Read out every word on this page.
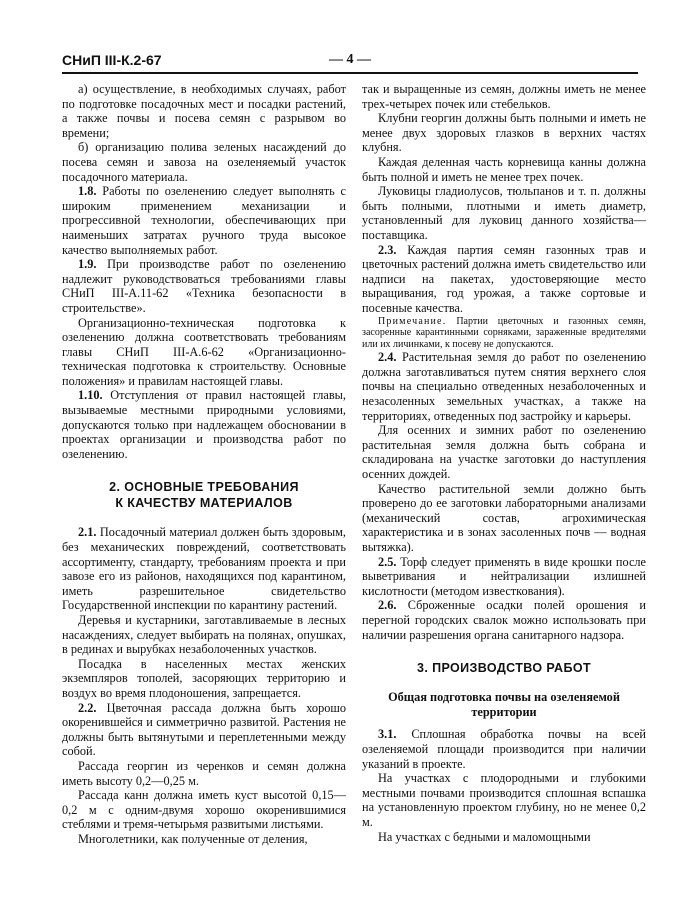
СНиП III-К.2-67	— 4 —

а) осуществление, в необходимых случаях, работ по подготовке посадочных мест и посадки растений, а также почвы и посева семян с разрывом во времени;

б) организацию полива зеленых насаждений до посева семян и завоза на озеленяемый участок посадочного материала.

1.8. Работы по озеленению следует выполнять с широким применением механизации и прогрессивной технологии, обеспечивающих при наименьших затратах ручного труда высокое качество выполняемых работ.

1.9. При производстве работ по озеленению надлежит руководствоваться требованиями главы СНиП III-А.11-62 «Техника безопасности в строительстве».

Организационно-техническая подготовка к озеленению должна соответствовать требованиям главы СНиП III-А.6-62 «Организационно-техническая подготовка к строительству. Основные положения» и правилам настоящей главы.

1.10. Отступления от правил настоящей главы, вызываемые местными природными условиями, допускаются только при надлежащем обосновании в проектах организации и производства работ по озеленению.

2. ОСНОВНЫЕ ТРЕБОВАНИЯ
К КАЧЕСТВУ МАТЕРИАЛОВ

2.1. Посадочный материал должен быть здоровым, без механических повреждений, соответствовать ассортименту, стандарту, требованиям проекта и при завозе его из районов, находящихся под карантином, иметь разрешительное свидетельство Государственной инспекции по карантину растений.

Деревья и кустарники, заготавливаемые в лесных насаждениях, следует выбирать на полянах, опушках, в рединах и вырубках незаболоченных участков.

Посадка в населенных местах женских экземпляров тополей, засоряющих территорию и воздух во время плодоношения, запрещается.

2.2. Цветочная рассада должна быть хорошо окоренившейся и симметрично развитой. Растения не должны быть вытянутыми и переплетенными между собой.

Рассада георгин из черенков и семян должна иметь высоту 0,2—0,25 м.

Рассада канн должна иметь куст высотой 0,15—0,2 м с одним-двумя хорошо окоренившимися стеблями и тремя-четырьмя развитыми листьями.

Многолетники, как полученные от деления,

так и выращенные из семян, должны иметь не менее трех-четырех почек или стебельков.

Клубни георгин должны быть полными и иметь не менее двух здоровых глазков в верхних частях клубня.

Каждая деленная часть корневища канны должна быть полной и иметь не менее трех почек.

Луковицы гладиолусов, тюльпанов и т. п. должны быть полными, плотными и иметь диаметр, установленный для луковиц данного хозяйства—поставщика.

2.3. Каждая партия семян газонных трав и цветочных растений должна иметь свидетельство или надписи на пакетах, удостоверяющие место выращивания, год урожая, а также сортовые и посевные качества.

Примечание. Партии цветочных и газонных семян, засоренные карантинными сорняками, зараженные вредителями или их личинками, к посеву не допускаются.

2.4. Растительная земля до работ по озеленению должна заготавливаться путем снятия верхнего слоя почвы на специально отведенных незаболоченных и незасоленных земельных участках, а также на территориях, отведенных под застройку и карьеры.

Для осенних и зимних работ по озеленению растительная земля должна быть собрана и складирована на участке заготовки до наступления осенних дождей.

Качество растительной земли должно быть проверено до ее заготовки лабораторными анализами (механический состав, агрохимическая характеристика и в зонах засоленных почв — водная вытяжка).

2.5. Торф следует применять в виде крошки после выветривания и нейтрализации излишней кислотности (методом известкования).

2.6. Сброженные осадки полей орошения и перегной городских свалок можно использовать при наличии разрешения органа санитарного надзора.

3. ПРОИЗВОДСТВО РАБОТ
Общая подготовка почвы на озеленяемой
территории

3.1. Сплошная обработка почвы на всей озеленяемой площади производится при наличии указаний в проекте.

На участках с плодородными и глубокими местными почвами производится сплошная вспашка на установленную проектом глубину, но не менее 0,2 м.

На участках с бедными и маломощными
